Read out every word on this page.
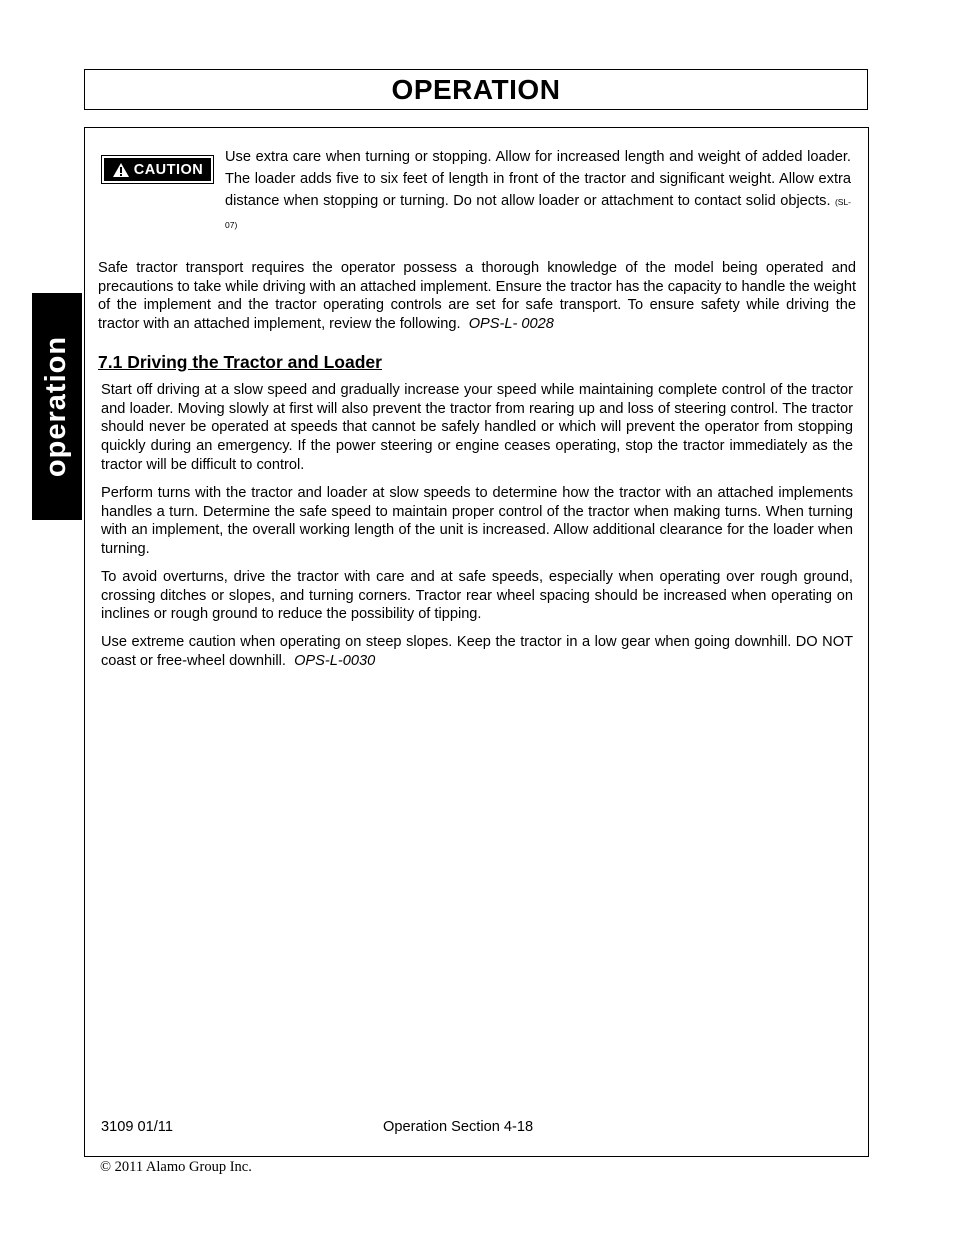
OPERATION
operation
CAUTION
Use extra care when turning or stopping. Allow for increased length and weight of added loader. The loader adds five to six feet of length in front of the tractor and significant weight. Allow extra distance when stopping or turning. Do not allow loader or attachment to contact solid objects. (SL-07)

Safe tractor transport requires the operator possess a thorough knowledge of the model being operated and precautions to take while driving with an attached implement. Ensure the tractor has the capacity to handle the weight of the implement and the tractor operating controls are set for safe transport. To ensure safety while driving the tractor with an attached implement, review the following. OPS-L- 0028

7.1 Driving the Tractor and Loader

Start off driving at a slow speed and gradually increase your speed while maintaining complete control of the tractor and loader. Moving slowly at first will also prevent the tractor from rearing up and loss of steering control. The tractor should never be operated at speeds that cannot be safely handled or which will prevent the operator from stopping quickly during an emergency. If the power steering or engine ceases operating, stop the tractor immediately as the tractor will be difficult to control.

Perform turns with the tractor and loader at slow speeds to determine how the tractor with an attached implements handles a turn. Determine the safe speed to maintain proper control of the tractor when making turns. When turning with an implement, the overall working length of the unit is increased. Allow additional clearance for the loader when turning.

To avoid overturns, drive the tractor with care and at safe speeds, especially when operating over rough ground, crossing ditches or slopes, and turning corners. Tractor rear wheel spacing should be increased when operating on inclines or rough ground to reduce the possibility of tipping.

Use extreme caution when operating on steep slopes. Keep the tractor in a low gear when going downhill. DO NOT coast or free-wheel downhill. OPS-L-0030

3109 01/11	Operation Section 4-18
© 2011 Alamo Group Inc.
